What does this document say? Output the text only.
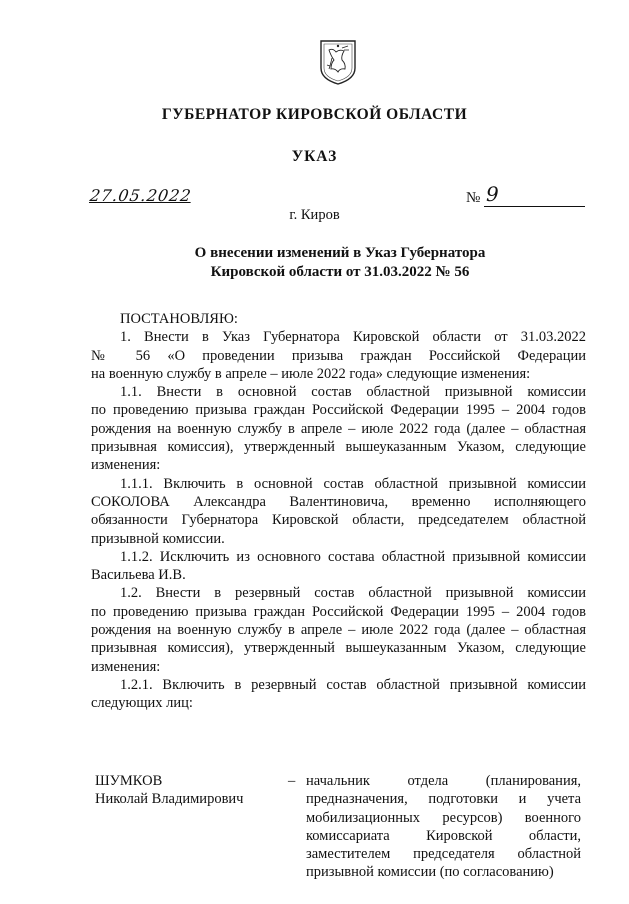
ГУБЕРНАТОР КИРОВСКОЙ ОБЛАСТИ
УКАЗ
27.05.2022	№ 9
г. Киров
О внесении изменений в Указ Губернатора
Кировской области от 31.03.2022 № 56

ПОСТАНОВЛЯЮ:

1. Внести в Указ Губернатора Кировской области от 31.03.2022

№ 56 «О проведении призыва граждан Российской Федерации

на военную службу в апреле – июле 2022 года» следующие изменения:

1.1. Внести в основной состав областной призывной комиссии

по проведению призыва граждан Российской Федерации 1995 – 2004 годов

рождения на военную службу в апреле – июле 2022 года (далее – областная

призывная комиссия), утвержденный вышеуказанным Указом, следующие

изменения:

1.1.1. Включить в основной состав областной призывной комиссии

СОКОЛОВА Александра Валентиновича, временно исполняющего

обязанности Губернатора Кировской области, председателем областной

призывной комиссии.

1.1.2. Исключить из основного состава областной призывной комиссии

Васильева И.В.

1.2. Внести в резервный состав областной призывной комиссии

по проведению призыва граждан Российской Федерации 1995 – 2004 годов

рождения на военную службу в апреле – июле 2022 года (далее – областная

призывная комиссия), утвержденный вышеуказанным Указом, следующие

изменения:

1.2.1. Включить в резервный состав областной призывной комиссии

следующих лиц:

ШУМКОВ
Николай Владимирович
– начальник отдела (планирования,
предназначения, подготовки и учета
мобилизационных ресурсов) военного
комиссариата Кировской области,
заместителем председателя областной
призывной комиссии (по согласованию)
